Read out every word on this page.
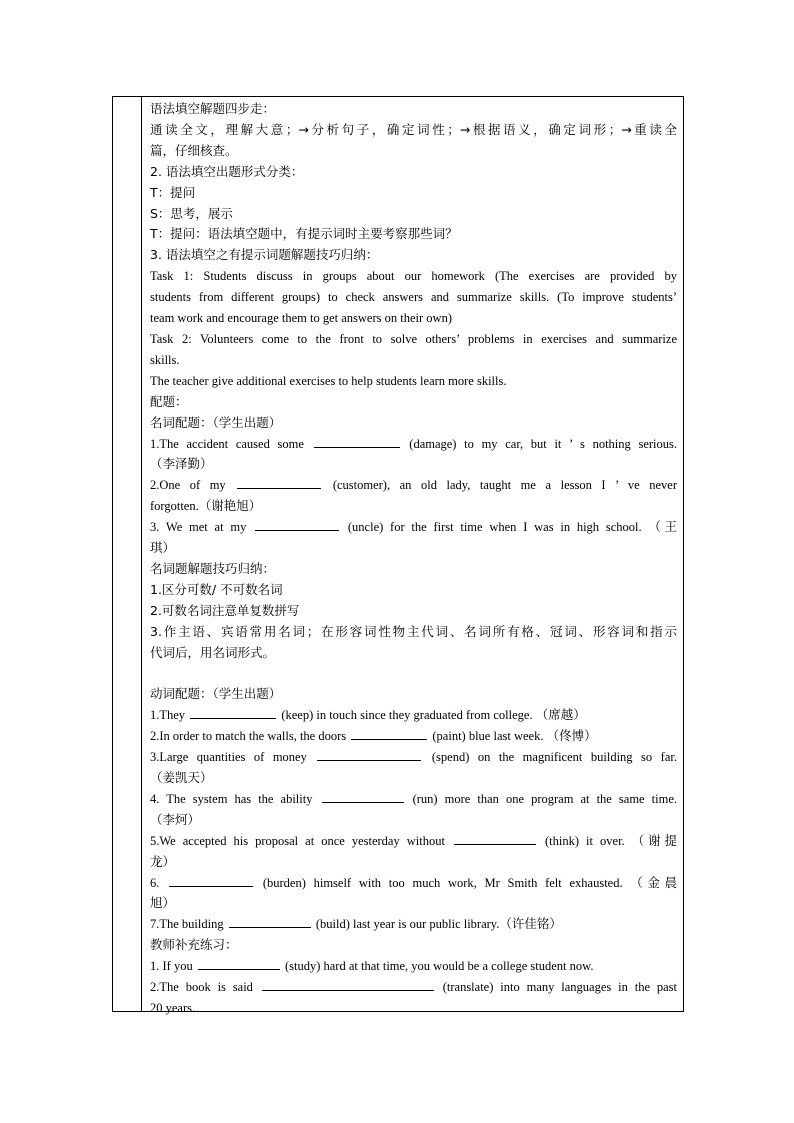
语法填空解题四步走：
通读全文，理解大意；→分析句子，确定词性；→根据语义，确定词形；→重读全
篇，仔细核查。
2. 语法填空出题形式分类：
T：提问
S：思考，展示
T：提问：语法填空题中，有提示词时主要考察那些词？
3. 语法填空之有提示词题解题技巧归纳：
Task 1: Students discuss in groups about our homework (The exercises are provided by
students from different groups) to check answers and summarize skills. (To improve students’
team work and encourage them to get answers on their own)
Task 2: Volunteers come to the front to solve others’ problems in exercises and summarize
skills.
The teacher give additional exercises to help students learn more skills.
配题：
名词配题：（学生出题）
1.The accident caused some	(damage) to my car, but it ’ s nothing serious.
（李泽勤）
2.One of my	(customer), an old lady, taught me a lesson I ’ ve never
forgotten.（谢艳旭）
3. We met at my	(uncle) for the first time when I was in high school. （王
琪）
名词题解题技巧归纳：
1.区分可数/ 不可数名词
2.可数名词注意单复数拼写
3.作主语、宾语常用名词；在形容词性物主代词、名词所有格、冠词、形容词和指示
代词后，用名词形式。
动词配题：（学生出题）
1.They	(keep) in touch since they graduated from college. （席越）
2.In order to match the walls, the doors	(paint) blue last week. （佟博）
3.Large quantities of money	(spend) on the magnificent building so far.
（姜凯天）
4. The system has the ability	(run) more than one program at the same time.
（李炣）
5.We accepted his proposal at once yesterday without	(think) it over. （谢提
龙）
6.	(burden) himself with too much work, Mr Smith felt exhausted. （金晨
旭）
7.The building	(build) last year is our public library.（许佳铭）
教师补充练习：
1. If you	(study) hard at that time, you would be a college student now.
2.The book is said	(translate) into many languages in the past
20 years.
